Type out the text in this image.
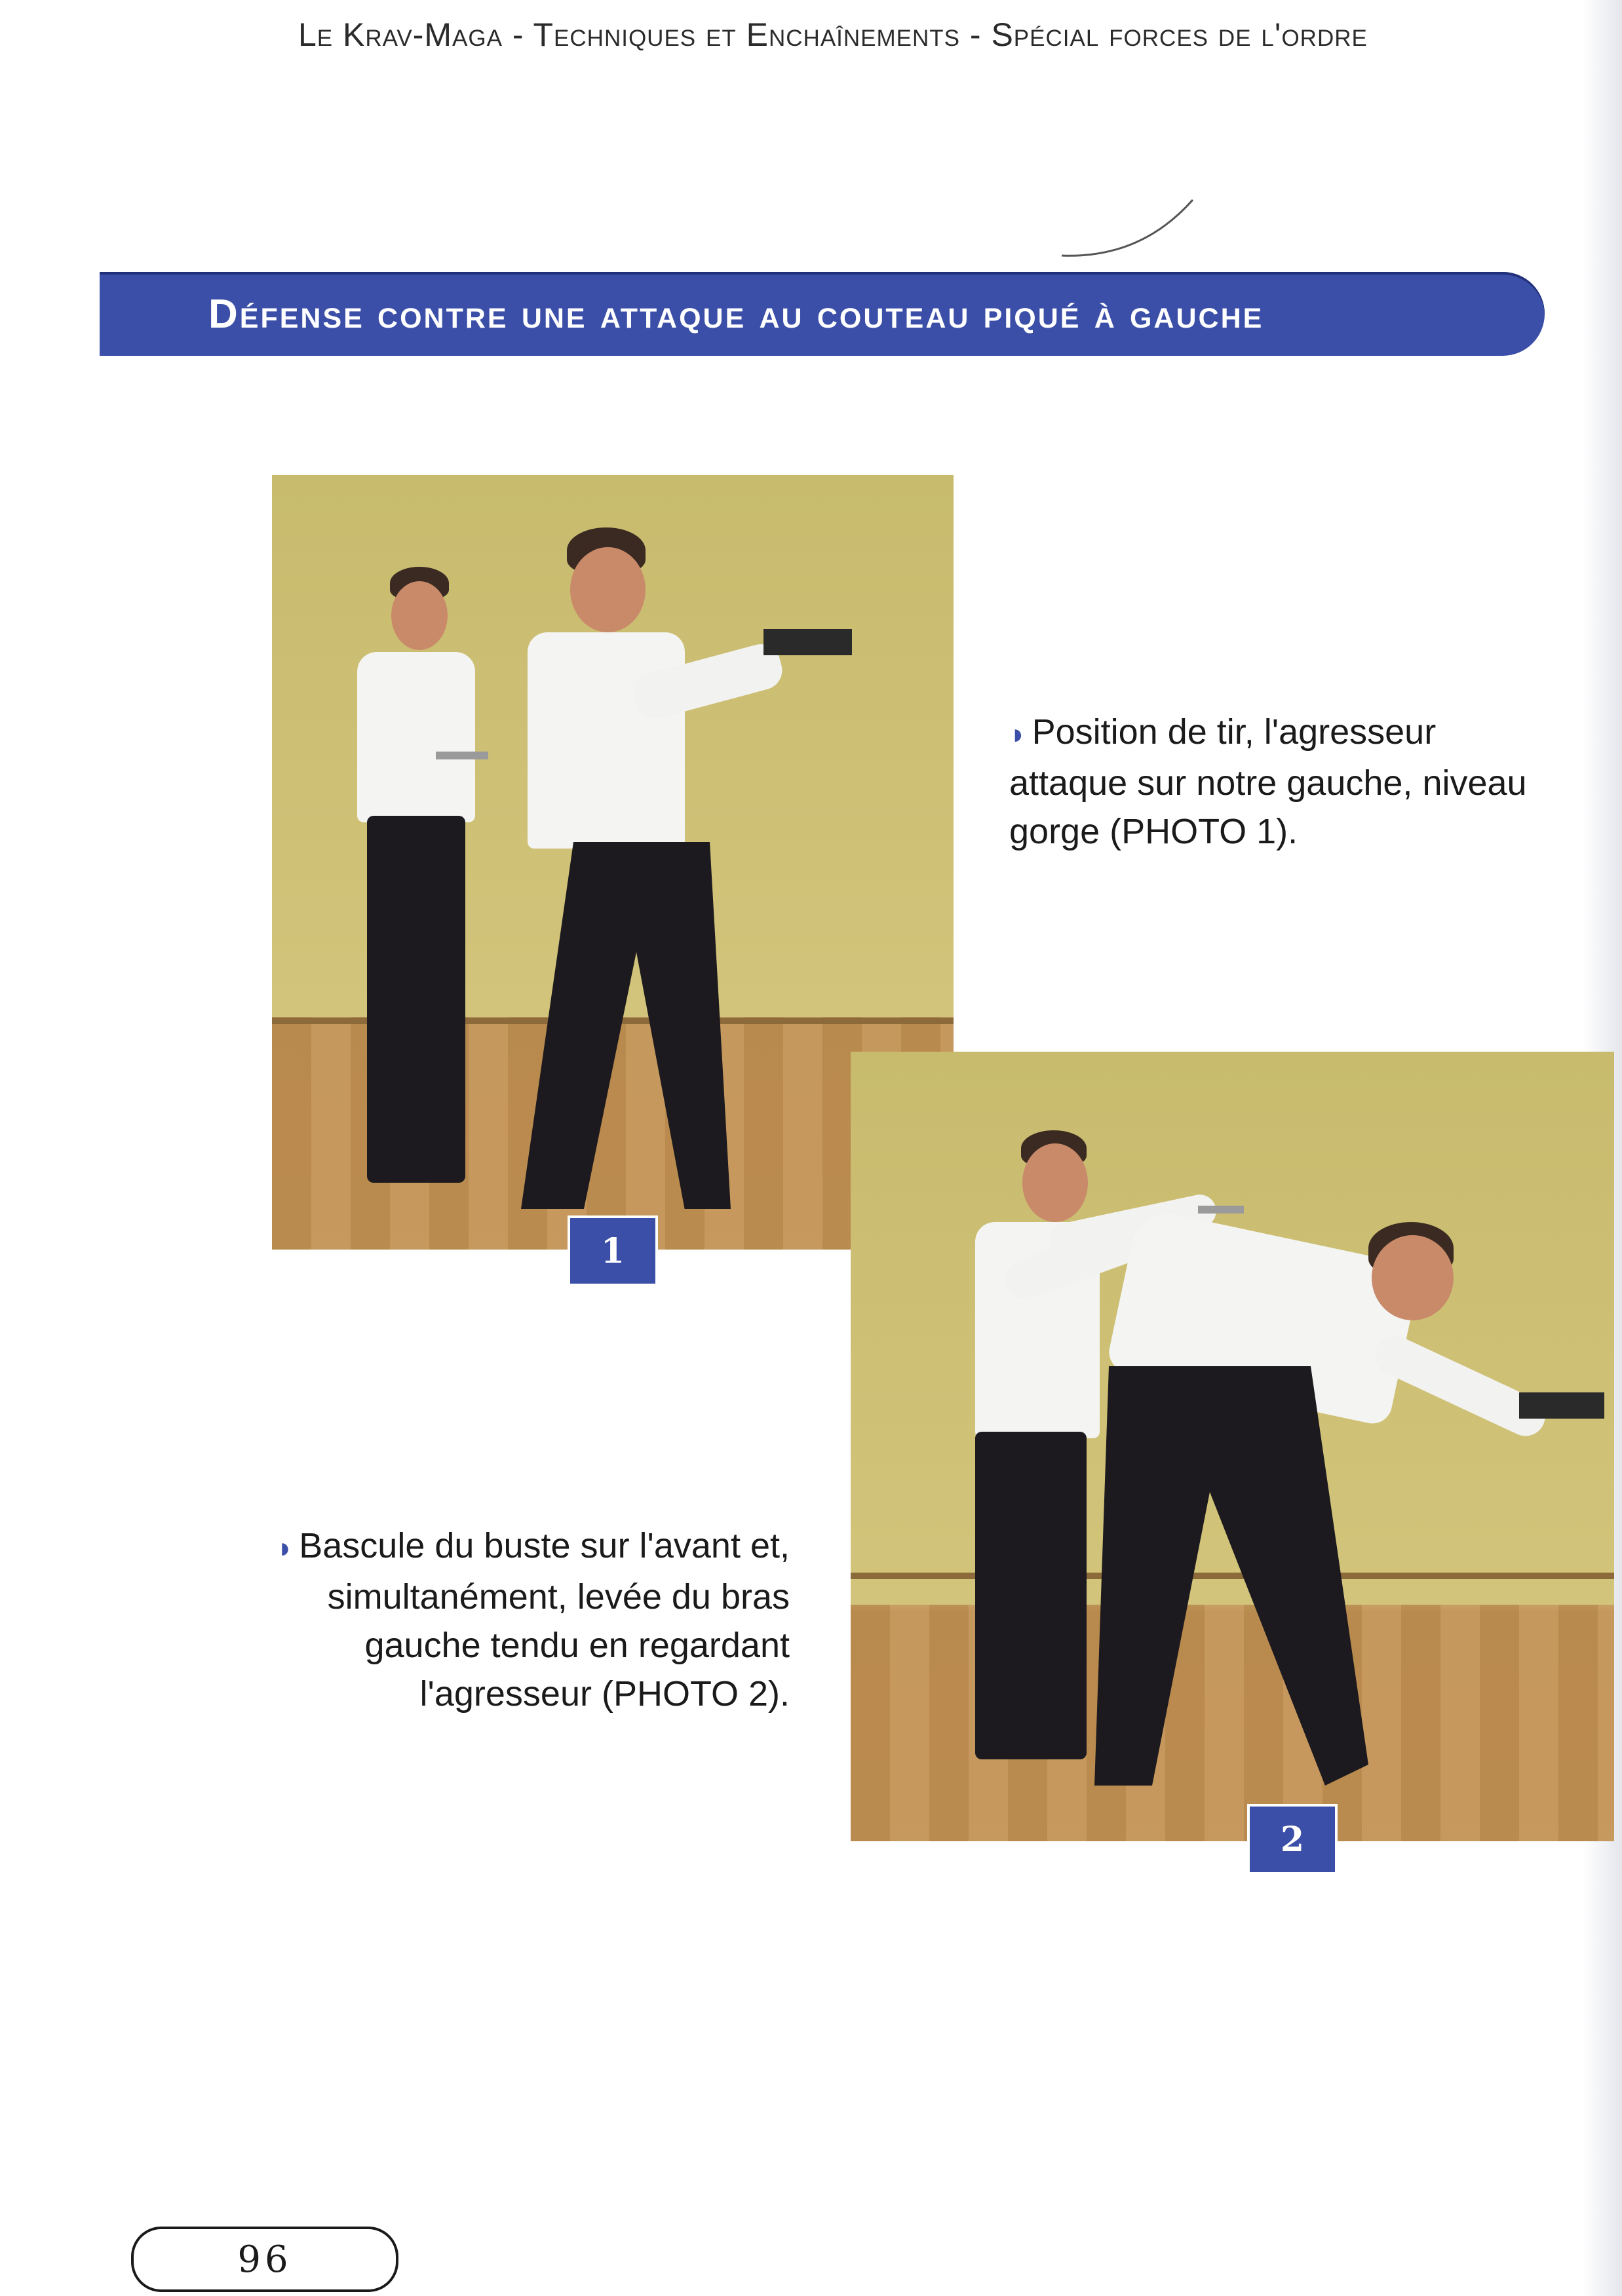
Le Krav-Maga - Techniques et Enchaînements - Spécial forces de l'ordre
Défense contre une attaque au couteau piqué à gauche
1
2
◗ Position de tir, l'agresseur attaque sur notre gauche, niveau gorge (PHOTO 1).
◗ Bascule du buste sur l'avant et, simultanément, levée du bras gauche tendu en regardant l'agresseur (PHOTO 2).
96
